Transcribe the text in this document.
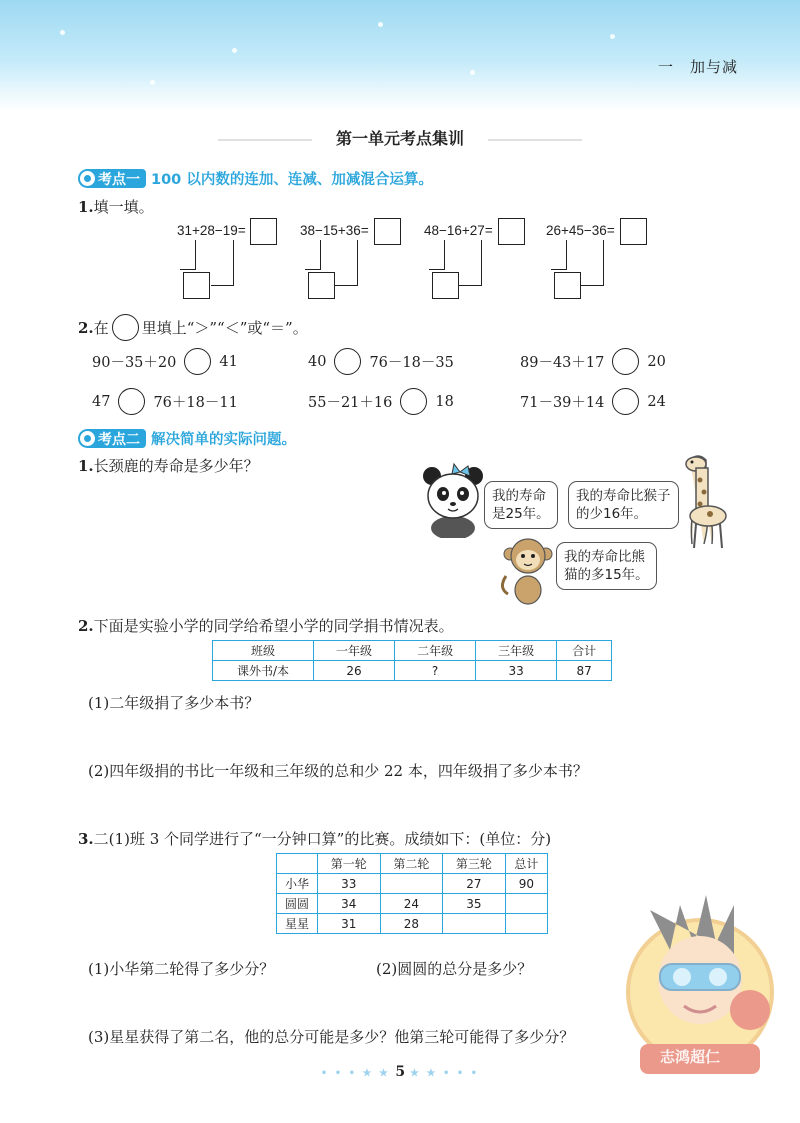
一　加与减
第一单元考点集训
考点一 100 以内数的连加、连减、加减混合运算。
1.填一填。
31+28−19=	38−15+36=	48−16+27=	26+45−36=
2. 在 里填上“＞”“＜”或“＝”。
90－35＋20	41	40	76－18－35	89－43＋17	20
47	76＋18－11	55－21＋16	18	71－39＋14	24
考点二 解决简单的实际问题。
1.长颈鹿的寿命是多少年？
我的寿命
是25年。
我的寿命比猴子
的少16年。
我的寿命比熊
猫的多15年。
2.下面是实验小学的同学给希望小学的同学捐书情况表。
班级	一年级	二年级	三年级	合计
课外书/本	26	?	33	87
(1)二年级捐了多少本书？
(2)四年级捐的书比一年级和三年级的总和少 22 本，四年级捐了多少本书？
3.二(1)班 3 个同学进行了“一分钟口算”的比赛。成绩如下：(单位：分)
	第一轮	第二轮	第三轮	总计
小华	33		27	90
圆圆	34	24	35	
星星	31	28		
(1)小华第二轮得了多少分？	(2)圆圆的总分是多少？
(3)星星获得了第二名，他的总分可能是多少？他第三轮可能得了多少分？
志鸿超仁
• • • ★ ★ 5 ★ ★ • • •
